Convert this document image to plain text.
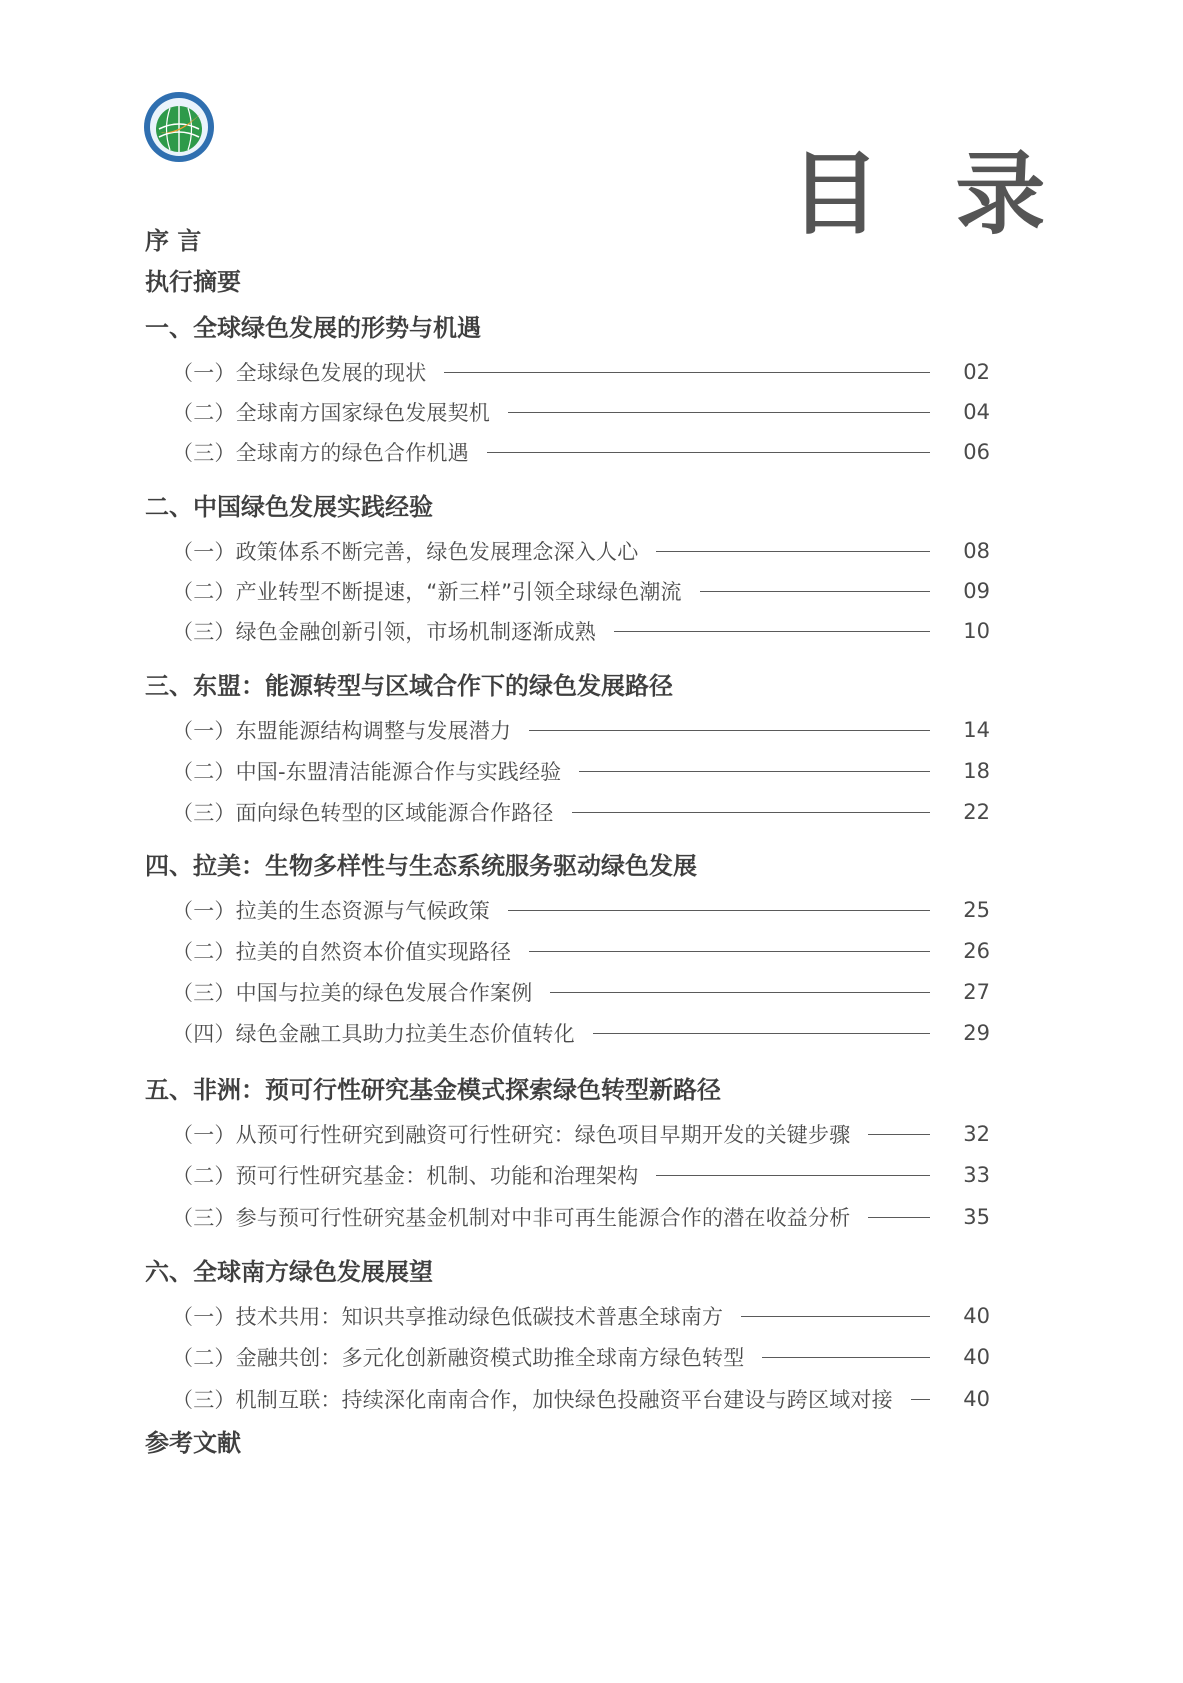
目 录
序 言
执行摘要
一、全球绿色发展的形势与机遇
（一）全球绿色发展的现状	02
（二）全球南方国家绿色发展契机	04
（三）全球南方的绿色合作机遇	06
二、中国绿色发展实践经验
（一）政策体系不断完善，绿色发展理念深入人心	08
（二）产业转型不断提速，“新三样”引领全球绿色潮流	09
（三）绿色金融创新引领，市场机制逐渐成熟	10
三、东盟：能源转型与区域合作下的绿色发展路径
（一）东盟能源结构调整与发展潜力	14
（二）中国-东盟清洁能源合作与实践经验	18
（三）面向绿色转型的区域能源合作路径	22
四、拉美：生物多样性与生态系统服务驱动绿色发展
（一）拉美的生态资源与气候政策	25
（二）拉美的自然资本价值实现路径	26
（三）中国与拉美的绿色发展合作案例	27
（四）绿色金融工具助力拉美生态价值转化	29
五、非洲：预可行性研究基金模式探索绿色转型新路径
（一）从预可行性研究到融资可行性研究：绿色项目早期开发的关键步骤	32
（二）预可行性研究基金：机制、功能和治理架构	33
（三）参与预可行性研究基金机制对中非可再生能源合作的潜在收益分析	35
六、全球南方绿色发展展望
（一）技术共用：知识共享推动绿色低碳技术普惠全球南方	40
（二）金融共创：多元化创新融资模式助推全球南方绿色转型	40
（三）机制互联：持续深化南南合作，加快绿色投融资平台建设与跨区域对接	40
参考文献
